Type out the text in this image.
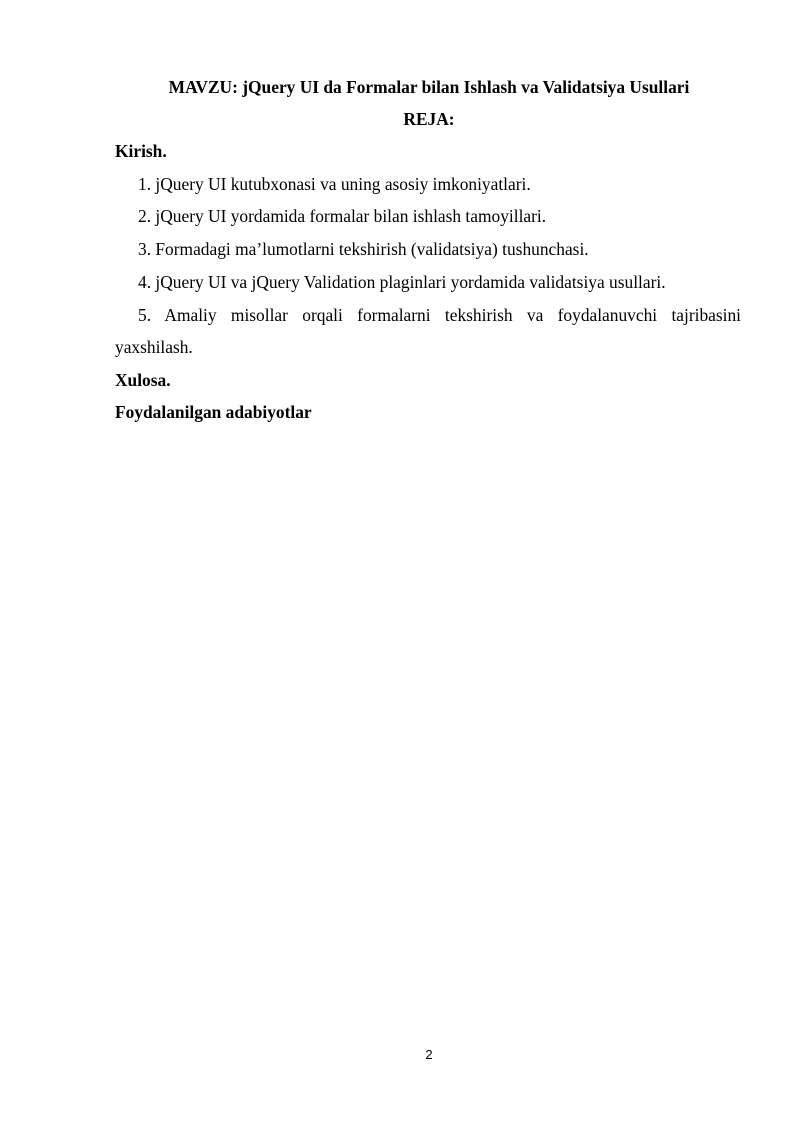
MAVZU: jQuery UI da Formalar bilan Ishlash va Validatsiya Usullari
REJA:
Kirish.
1. jQuery UI kutubxonasi va uning asosiy imkoniyatlari.
2. jQuery UI yordamida formalar bilan ishlash tamoyillari.
3. Formadagi ma’lumotlarni tekshirish (validatsiya) tushunchasi.
4. jQuery UI va jQuery Validation plaginlari yordamida validatsiya usullari.
5. Amaliy misollar orqali formalarni tekshirish va foydalanuvchi tajribasini
yaxshilash.
Xulosa.
Foydalanilgan adabiyotlar
2
